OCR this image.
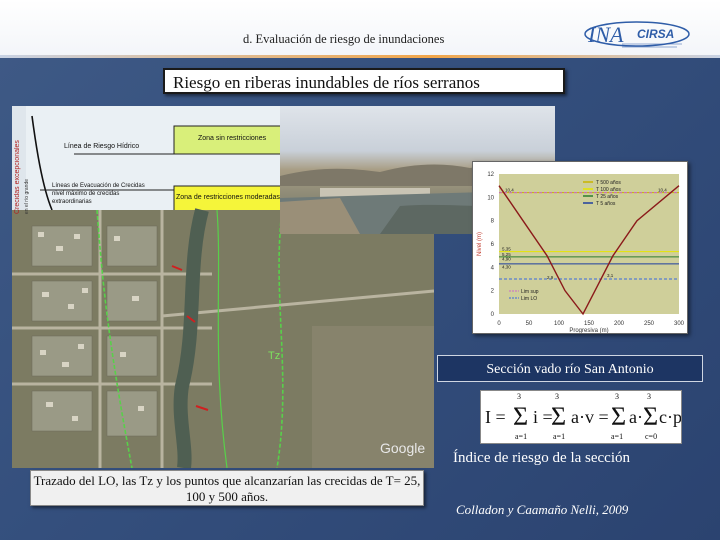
d. Evaluación de riesgo de inundaciones	INA CIRSA
Riesgo en riberas inundables de ríos serranos
Crecidas excepcionales en el río grande
Línea de Riesgo Hídrico
Zona sin restricciones
Líneas de Evacuación de Crecidas
nivel máximo de crecidas
extraordinarias
Zona de restricciones moderadas
Tz
Google
0	50	100	150	200	250	300
0
2
4
6
8
10
12
Progresiva (m)
Nivel (m)
10,4	10,4
5,35
5,25
4,90
4,30
2,9	3,1
T 500 años
T 100 años
T 25 años
T 5 años
Lim sup
Lim LO
Sección vado río San Antonio
I = Σ i =
Σ a·v = Σ a· Σ c·p
3
a=1
3
a=1
3
a=1
3
c=0
Índice de riesgo de la sección
Trazado del LO, las Tz y los puntos que alcanzarían las crecidas de T= 25, 100 y 500 años.
Colladon y Caamaño Nelli, 2009
